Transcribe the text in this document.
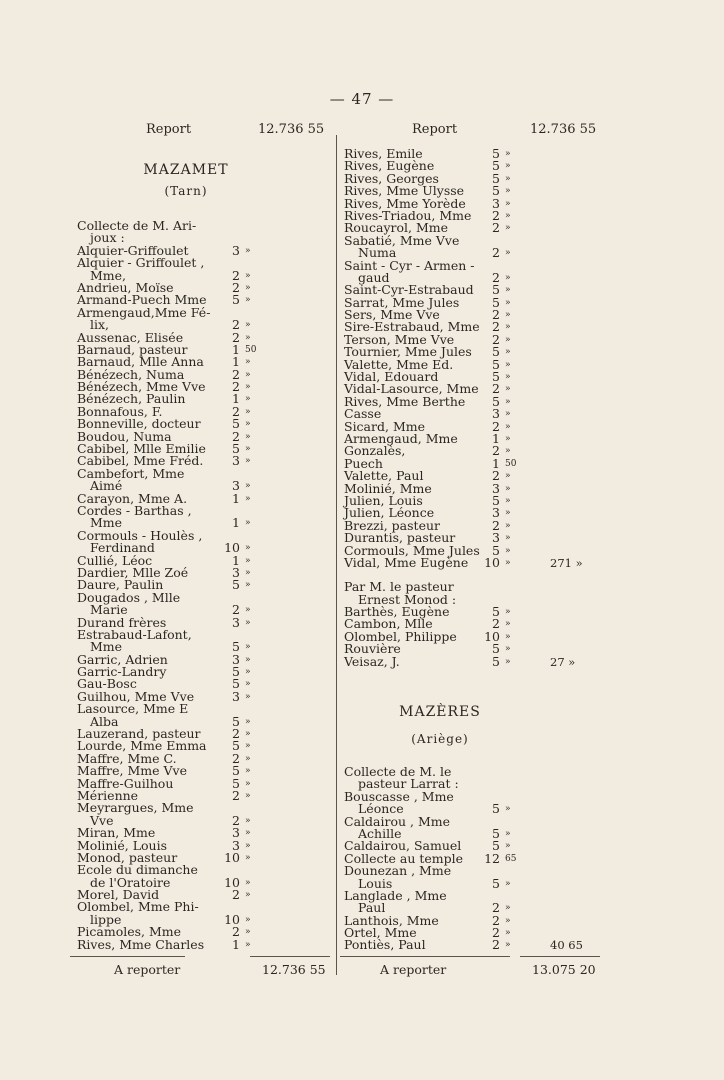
— 47 —
Report	12.736 55
MAZAMET
(Tarn)
Collecte de M. Ari-
joux :
Alquier-Griffoulet	3 »
Alquier - Griffoulet ,
Mme,	2 »
Andrieu, Moïse	2 »
Armand-Puech Mme 5 »
Armengaud,Mme Fé-
lix,	2 »
Aussenac, Elisée	2 »
Barnaud, pasteur	1 50
Barnaud, Mlle Anna 1 »
Bénézech, Numa	2 »
Bénézech, Mme Vve 2 »
Bénézech, Paulin	1 »
Bonnafous, F.	2 »
Bonneville, docteur	5 »
Boudou, Numa	2 »
Cabibel, Mlle Emilie 5 »
Cabibel, Mme Fréd. 3 »
Cambefort, Mme
Aimé	3 »
Carayon, Mme A.	1 »
Cordes - Barthas ,
Mme	1 »
Cormouls - Houlès ,
Ferdinand	10 »
Cullié, Léoc	1 »
Dardier, Mlle Zoé	3 »
Daure, Paulin	5 »
Dougados , Mlle
Marie	2 »
Durand frères	3 »
Estrabaud-Lafont,
Mme	5 »
Garric, Adrien	3 »
Garric-Landry	5 »
Gau-Bosc	5 »
Guilhou, Mme Vve	3 »
Lasource, Mme E
Alba	5 »
Lauzerand, pasteur	2 »
Lourde, Mme Emma 5 »
Maffre, Mme C.	2 »
Maffre, Mme Vve	5 »
Maffre-Guilhou	5 »
Mérienne	2 »
Meyrargues, Mme
Vve	2 »
Miran, Mme	3 »
Molinié, Louis	3 »
Monod, pasteur	10 »
Ecole du dimanche
de l'Oratoire	10 »
Morel, David	2 »
Olombel, Mme Phi-
lippe	10 »
Picamoles, Mme	2 »
Rives, Mme Charles 1 »
Report	12.736 55
Rives, Emile	5 »
Rives, Eugène	5 »
Rives, Georges	5 »
Rives, Mme Ulysse 5 »
Rives, Mme Yorède 3 »
Rives-Triadou, Mme 2 »
Roucayrol, Mme	2 »
Sabatié, Mme Vve
Numa	2 »
Saint - Cyr - Armen -
gaud	2 »
Saint-Cyr-Estrabaud 5 »
Sarrat, Mme Jules	5 »
Sers, Mme Vve	2 »
Sire-Estrabaud, Mme 2 »
Terson, Mme Vve	2 »
Tournier, Mme Jules 5 »
Valette, Mme Ed.	5 »
Vidal, Edouard	5 »
Vidal-Lasource, Mme 2 »
Rives, Mme Berthe 5 »
Casse	3 »
Sicard, Mme	2 »
Armengaud, Mme	1 »
Gonzalès,	2 »
Puech	1 50
Valette, Paul	2 »
Molinié, Mme	3 »
Julien, Louis	5 »
Julien, Léonce	3 »
Brezzi, pasteur	2 »
Durantis, pasteur	3 »
Cormouls, Mme Jules 5 »
Vidal, Mme Eugène 10 »	271 »
Par M. le pasteur
Ernest Monod :
Barthès, Eugène	5 »
Cambon, Mlle	2 »
Olombel, Philippe 10 »
Rouvière	5 »
Veisaz, J.	5 »	27 »
MAZÈRES
(Ariège)
Collecte de M. le
pasteur Larrat :
Bouscasse , Mme
Léonce	5 »
Caldairou , Mme
Achille	5 »
Caldairou, Samuel 5 »
Collecte au temple 12 65
Dounezan , Mme
Louis	5 »
Langlade , Mme
Paul	2 »
Lanthois, Mme	2 »
Ortel, Mme	2 »
Pontiès, Paul	2 »	40 65
A reporter	12.736 55	A reporter	13.075 20
